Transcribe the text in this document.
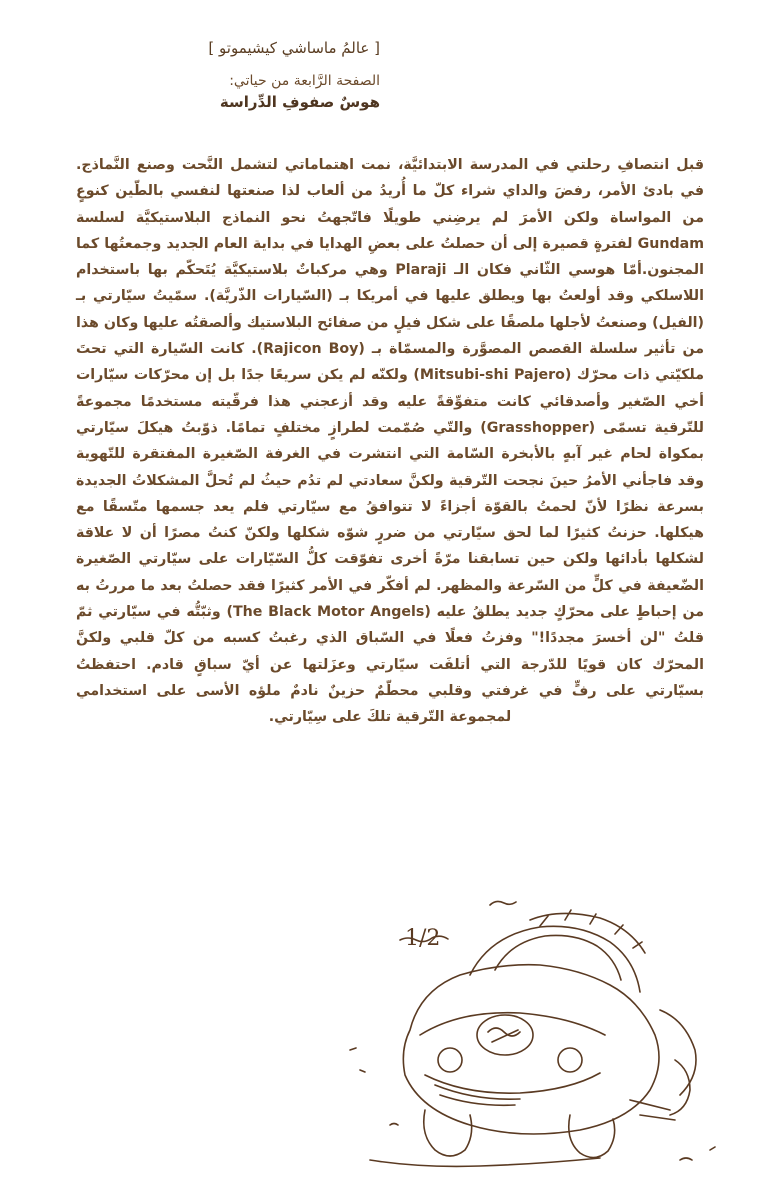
[ عالمُ ماساشي كيشيموتو ]

الصفحة الرَّابعة من حياتي:

هوسٌ صفوفِ الدِّراسة

قبل انتصافِ رحلتي في المدرسة الابتدائيَّة، نمت اهتماماتي لتشمل النَّحت وصنع النَّماذج. في بادئ الأمر، رفضَ والداي شراء كلّ ما أُريدُ من ألعاب لذا صنعتها لنفسي بالطّين كنوعٍ من المواساة ولكن الأمرَ لم يرضِني طويلًا فاتّجهتُ نحو النماذج البلاستيكيَّة لسلسة Gundam لفترةٍ قصيرة إلى أن حصلتُ على بعضِ الهدايا في بداية العام الجديد وجمعتُها كما المجنون.أمّا هوسي الثّاني فكان الـ Plaraji وهي مركباتٌ بلاستيكيَّة يُتَحكّم بها باستخدام اللاسلكي وقد أولعتُ بها ويطلق عليها في أمريكا بـ (السّيارات الذّريَّة). سمّيتُ سيّارتي بـ (الفيل) وصنعتُ لأجلها ملصقًا على شكل فيلٍ من صفائح البلاستيك وألصقتُه عليها وكان هذا من تأثير سلسلة القصص المصوَّرة والمسمّاة بـ (Rajicon Boy). كانت السّيارة التي تحتَ ملكيّتي ذات محرّك (Mitsubi-shi Pajero) ولكنّه لم يكن سريعًا جدًا بل إن محرّكات سيّارات أخي الصّغير وأصدقائي كانت متفوِّقةً عليه وقد أزعجني هذا فرقّيته مستخدمًا مجموعةً للتّرقية تسمّى (Grasshopper) والتّي صُمّمت لطرازٍ مختلفٍ تمامًا. ذوّبتُ هيكلَ سيّارتي بمكواة لحام غير آبهٍ بالأبخرة السّامة التي انتشرت في الغرفة الصّغيرة المفتقرة للتّهوية وقد فاجأني الأمرُ حينَ نجحت التّرقية ولكنَّ سعادتي لم تدُم حيثُ لم تُحلَّ المشكلاتُ الجديدة بسرعة نظرًا لأنّ لحمتُ بالقوّة أجزاءً لا تتوافقُ مع سيّارتي فلم يعد جسمها متّسقًا مع هيكلها. حزنتُ كثيرًا لما لحق سيّارتي من ضررٍ شوّه شكلها ولكنّ كنتُ مصرًا أن لا علاقة لشكلها بأدائها ولكن حين تسابقنا مرّةً أخرى تفوّقت كلُّ السّيّارات على سيّارتي الصّغيرة الضّعيفة في كلٍّ من السّرعة والمظهر. لم أفكّر في الأمر كثيرًا فقد حصلتُ بعد ما مررتُ به من إحباطٍ على محرّكٍ جديد يطلقُ عليه (The Black Motor Angels) وثبّتُّه في سيّارتي ثمّ قلتُ "لن أخسرَ مجددًا!" وفزتُ فعلًا في السّباق الذي رغبتُ كسبه من كلّ قلبي ولكنَّ المحرّك كان قويًا للدّرجة التي أتلفَت سيّارتي وعزَلتها عن أيّ سباقٍ قادم. احتفظتُ بسيّارتي على رفٍّ في غرفتي وقلبي محطّمٌ حزينٌ نادمٌ ملؤه الأسى على استخدامي لمجموعة التّرقية تلكَ على سِيّارتي.

1/2
